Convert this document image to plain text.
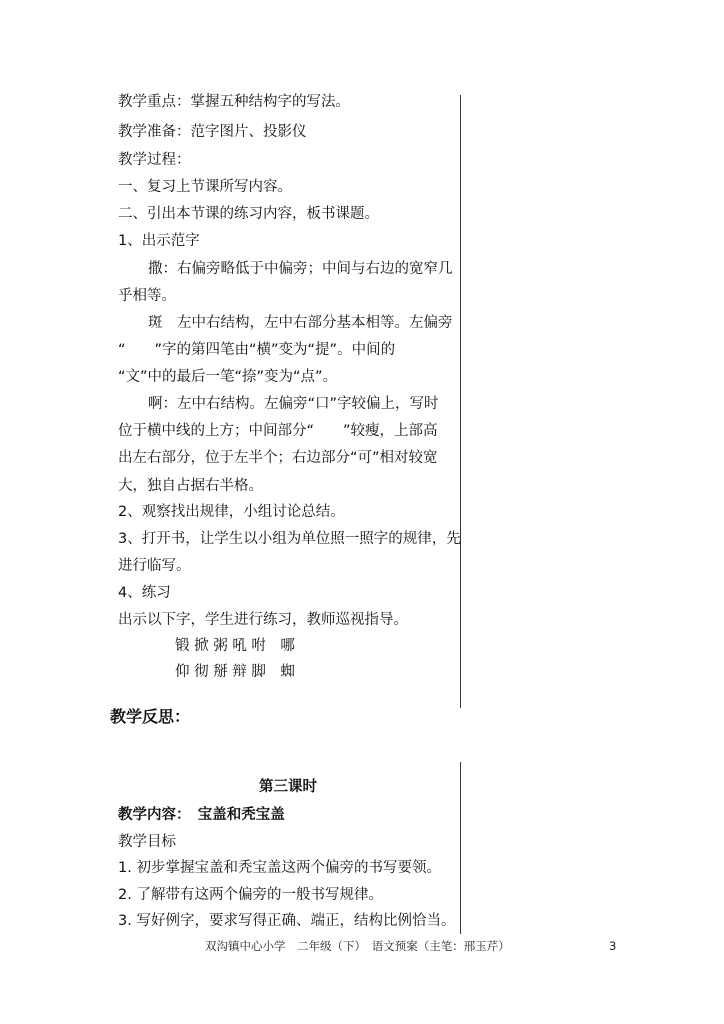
教学重点：掌握五种结构字的写法。
教学准备：范字图片、投影仪
教学过程：
一、复习上节课所写内容。
二、引出本节课的练习内容，板书课题。
1、出示范字
撒：右偏旁略低于中偏旁；中间与右边的宽窄几
乎相等。
斑　左中右结构，左中右部分基本相等。左偏旁
“　　”字的第四笔由“横”变为“提”。中间的
“文”中的最后一笔“捺”变为“点”。
啊：左中右结构。左偏旁“口”字较偏上，写时
位于横中线的上方；中间部分“　　”较瘦，上部高
出左右部分，位于左半个；右边部分“可”相对较宽
大，独自占据右半格。
2、观察找出规律，小组讨论总结。
3、打开书，让学生以小组为单位照一照字的规律，先
进行临写。
4、练习
出示以下字，学生进行练习，教师巡视指导。
锻 掀 粥 吼 咐　哪
仰 彻 掰 辩 脚　蜘
教学反思：
第三课时
教学内容：　宝盖和秃宝盖
教学目标
1. 初步掌握宝盖和秃宝盖这两个偏旁的书写要领。
2. 了解带有这两个偏旁的一般书写规律。
3. 写好例字，要求写得正确、端正，结构比例恰当。
双沟镇中心小学　二年级（下）　语文预案（主笔：邢玉芹）	3
